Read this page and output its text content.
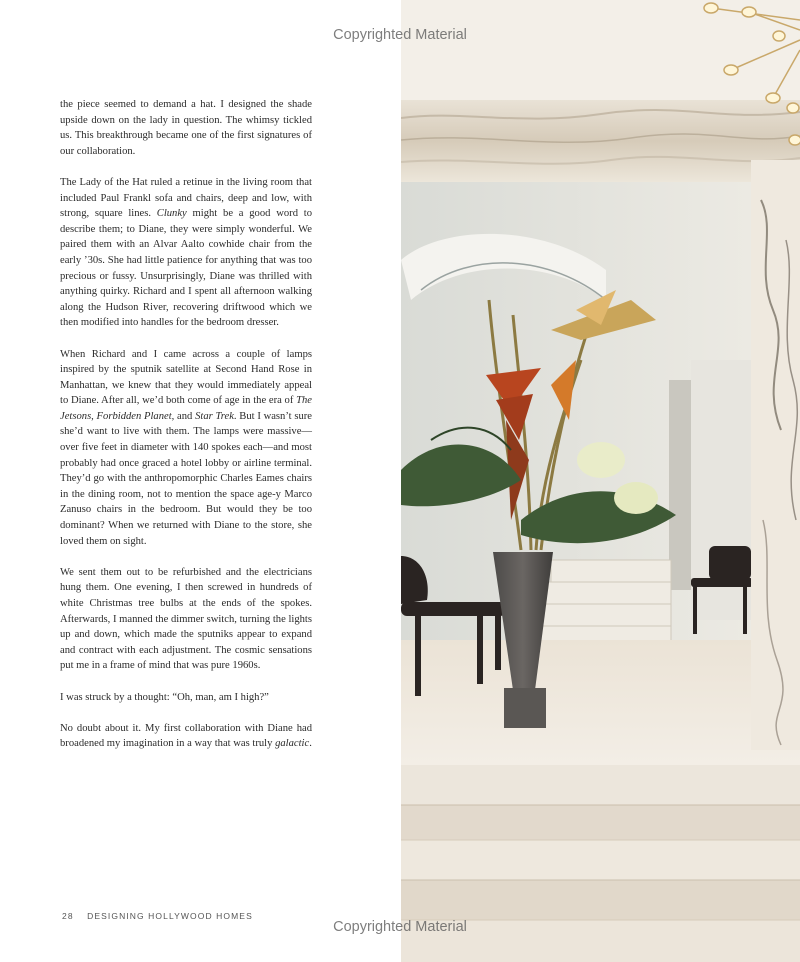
the piece seemed to demand a hat. I designed the shade upside down on the lady in question. The whimsy tickled us. This breakthrough became one of the first signatures of our collaboration.

The Lady of the Hat ruled a retinue in the living room that included Paul Frankl sofa and chairs, deep and low, with strong, square lines. Clunky might be a good word to describe them; to Diane, they were simply wonderful. We paired them with an Alvar Aalto cowhide chair from the early ’30s. She had little patience for anything that was too precious or fussy. Unsurprisingly, Diane was thrilled with anything quirky. Richard and I spent all afternoon walking along the Hudson River, recovering driftwood which we then modified into handles for the bedroom dresser.

When Richard and I came across a couple of lamps inspired by the sputnik satellite at Second Hand Rose in Manhattan, we knew that they would immediately appeal to Diane. After all, we’d both come of age in the era of The Jetsons, Forbidden Planet, and Star Trek. But I wasn’t sure she’d want to live with them. The lamps were massive—over five feet in diameter with 140 spokes each—and most probably had once graced a hotel lobby or airline terminal. They’d go with the anthropomorphic Charles Eames chairs in the dining room, not to mention the space age-y Marco Zanuso chairs in the bedroom. But would they be too dominant? When we returned with Diane to the store, she loved them on sight.

We sent them out to be refurbished and the electricians hung them. One evening, I then screwed in hundreds of white Christmas tree bulbs at the ends of the spokes. Afterwards, I manned the dimmer switch, turning the lights up and down, which made the sputniks appear to expand and contract with each adjustment. The cosmic sensations put me in a frame of mind that was pure 1960s.

I was struck by a thought: “Oh, man, am I high?”

No doubt about it. My first collaboration with Diane had broadened my imagination in a way that was truly galactic.

28 DESIGNING HOLLYWOOD HOMES
Copyrighted Material
Copyrighted Material
